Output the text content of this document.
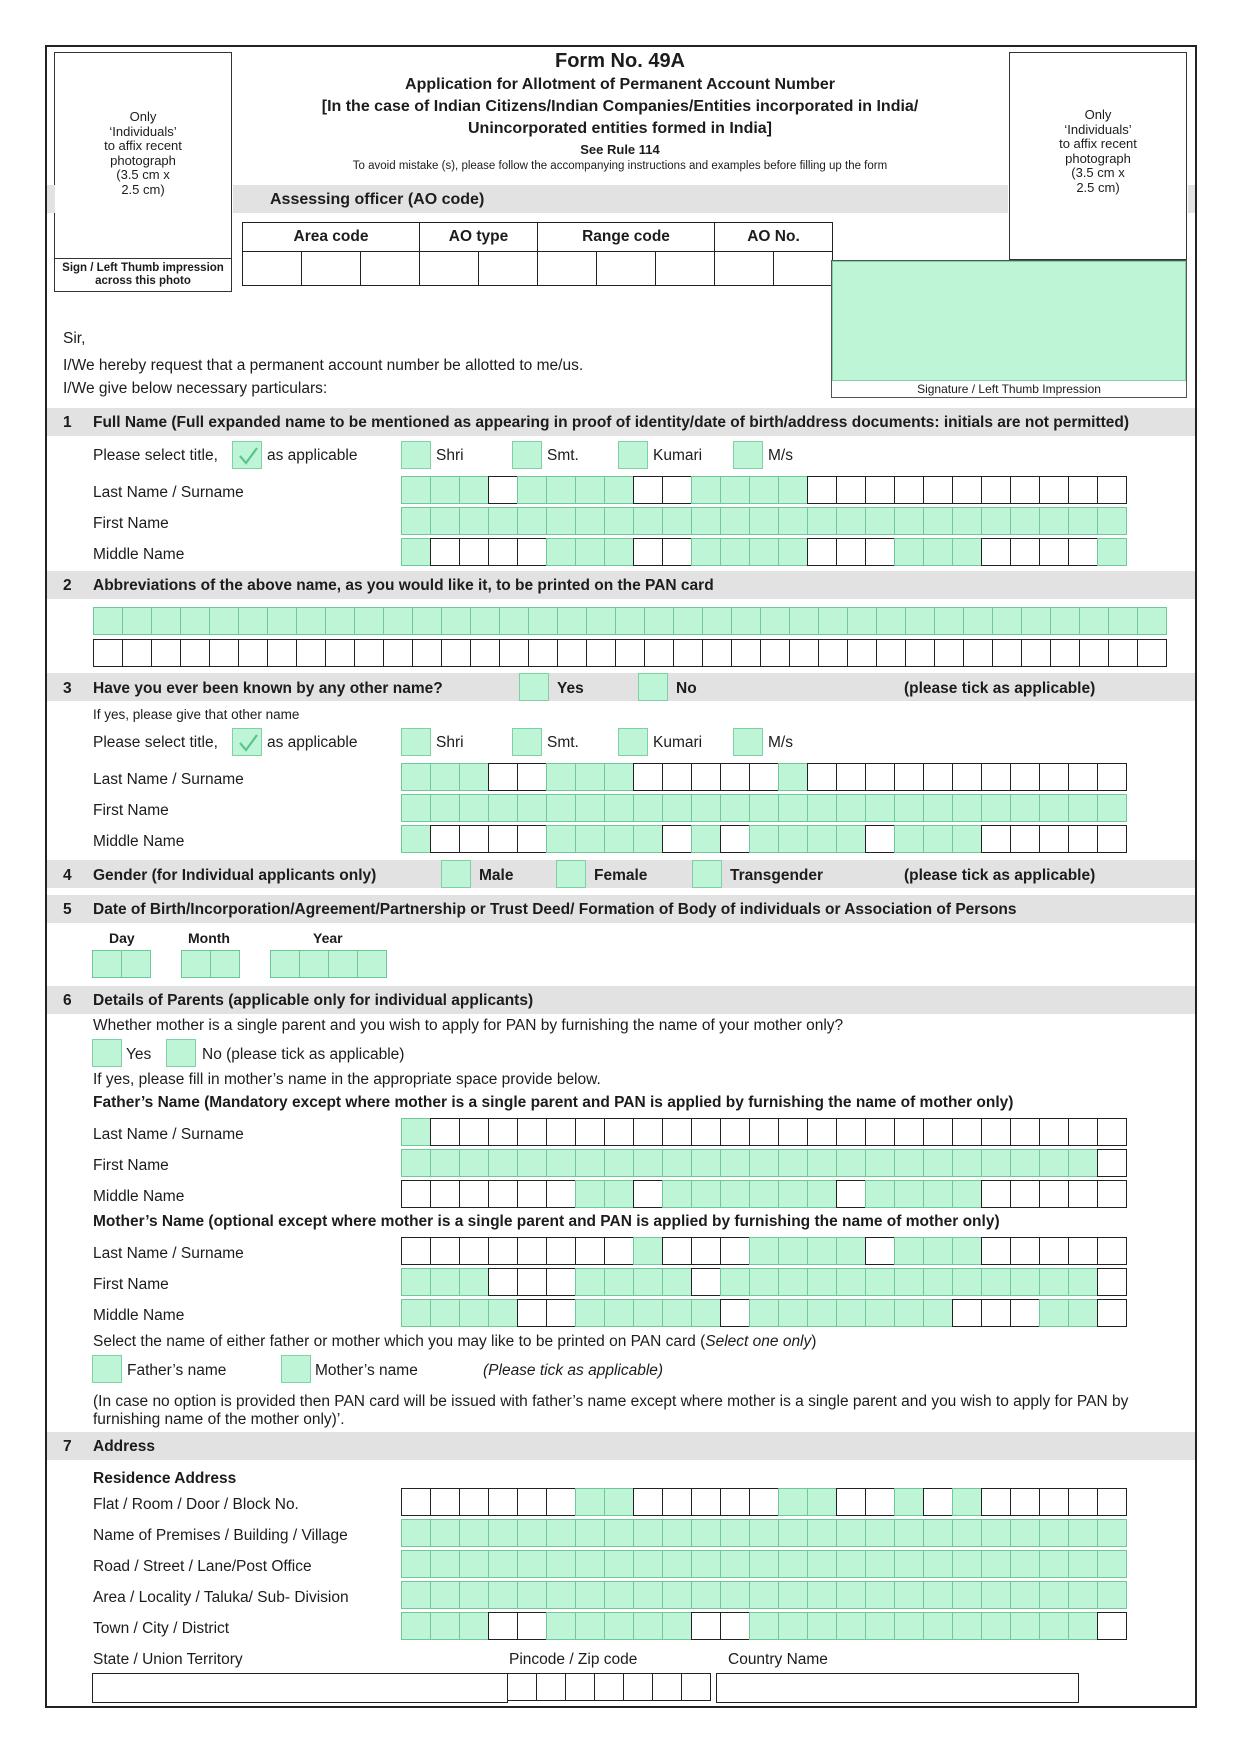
Form No. 49A
Application for Allotment of Permanent Account Number
[In the case of Indian Citizens/Indian Companies/Entities incorporated in India/
Unincorporated entities formed in India]
See Rule 114
To avoid mistake (s), please follow the accompanying instructions and examples before filling up the form
Only
‘Individuals’
to affix recent
photograph
(3.5 cm x
2.5 cm)
Sign / Left Thumb impression
across this photo
Only
‘Individuals’
to affix recent
photograph
(3.5 cm x
2.5 cm)
Assessing officer (AO code)
Area code			AO type		Range code			AO No.	

Signature / Left Thumb Impression
Sir,
I/We hereby request that a permanent account number be allotted to me/us.
I/We give below necessary particulars:
1 Full Name (Full expanded name to be mentioned as appearing in proof of identity/date of birth/address documents: initials are not permitted)
Please select title,	as applicable	Shri	Smt.	Kumari	M/s
Last Name / Surname
First Name
Middle Name
2 Abbreviations of the above name, as you would like it, to be printed on the PAN card
3 Have you ever been known by any other name?	Yes	No	(please tick as applicable)
If yes, please give that other name
Please select title,	as applicable	Shri	Smt.	Kumari	M/s
Last Name / Surname
First Name
Middle Name
4 Gender (for Individual applicants only)	Male	Female	Transgender	(please tick as applicable)
5 Date of Birth/Incorporation/Agreement/Partnership or Trust Deed/ Formation of Body of individuals or Association of Persons
Day	Month	Year
6 Details of Parents (applicable only for individual applicants)
Whether mother is a single parent and you wish to apply for PAN by furnishing the name of your mother only?
Yes	No (please tick as applicable)
If yes, please fill in mother’s name in the appropriate space provide below.
Father’s Name (Mandatory except where mother is a single parent and PAN is applied by furnishing the name of mother only)
Last Name / Surname
First Name
Middle Name
Mother’s Name (optional except where mother is a single parent and PAN is applied by furnishing the name of mother only)
Last Name / Surname
First Name
Middle Name
Select the name of either father or mother which you may like to be printed on PAN card (Select one only)
Father’s name	Mother’s name	(Please tick as applicable)
(In case no option is provided then PAN card will be issued with father’s name except where mother is a single parent and you wish to apply for PAN by furnishing name of the mother only)’.
7 Address
Residence Address
Flat / Room / Door / Block No.
Name of Premises / Building / Village
Road / Street / Lane/Post Office
Area / Locality / Taluka/ Sub- Division
Town / City / District
State / Union Territory	Pincode / Zip code	Country Name
